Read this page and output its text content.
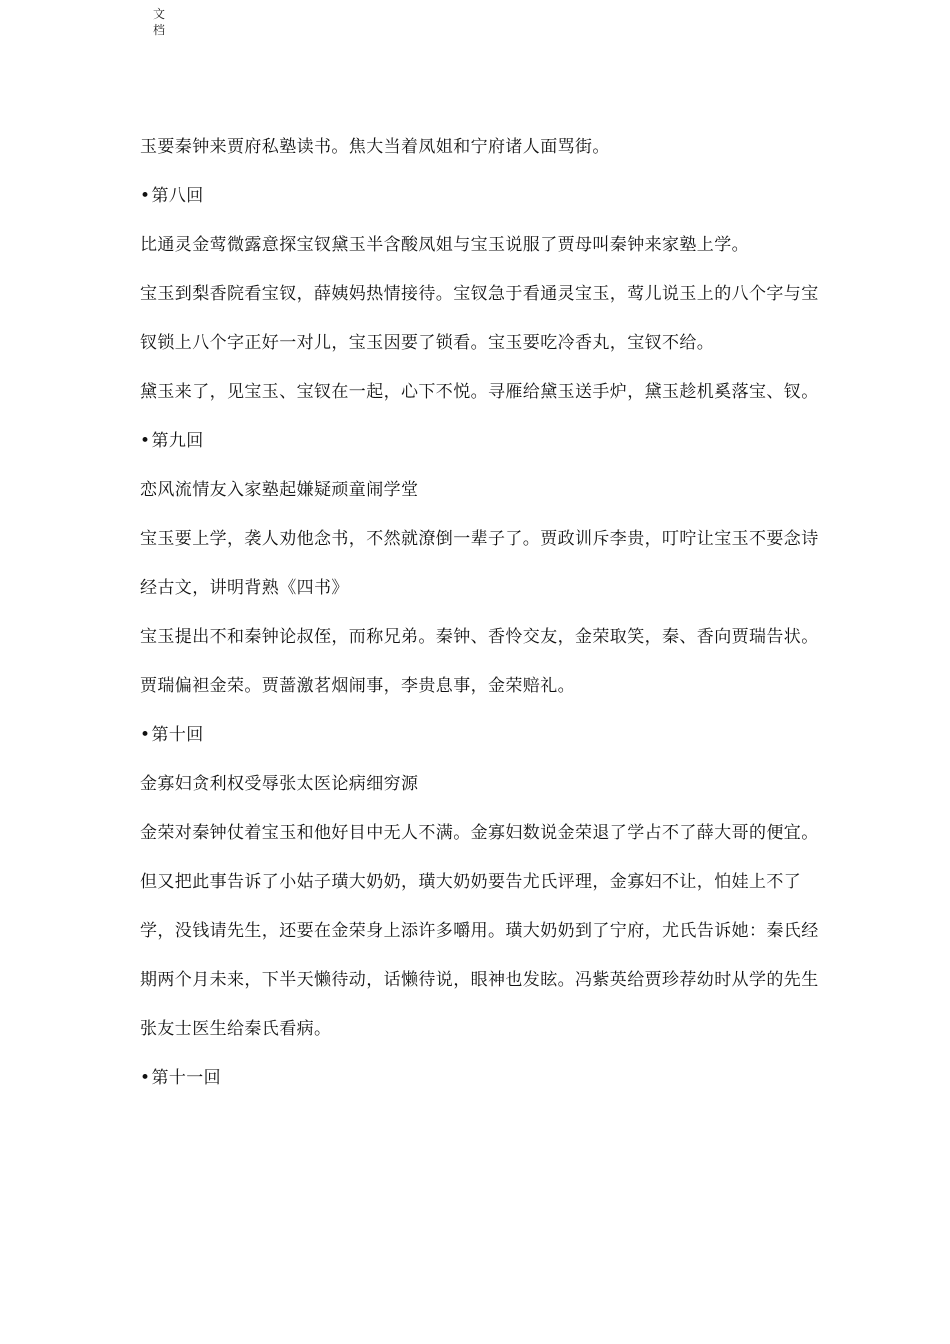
文
档

玉要秦钟来贾府私塾读书。焦大当着凤姐和宁府诸人面骂街。

• 第八回

比通灵金莺微露意探宝钗黛玉半含酸凤姐与宝玉说服了贾母叫秦钟来家塾上学。

宝玉到梨香院看宝钗，薛姨妈热情接待。宝钗急于看通灵宝玉，莺儿说玉上的八个字与宝钗锁上八个字正好一对儿，宝玉因要了锁看。宝玉要吃冷香丸，宝钗不给。

黛玉来了，见宝玉、宝钗在一起，心下不悦。寻雁给黛玉送手炉，黛玉趁机奚落宝、钗。

• 第九回

恋风流情友入家塾起嫌疑顽童闹学堂

宝玉要上学，袭人劝他念书，不然就潦倒一辈子了。贾政训斥李贵，叮咛让宝玉不要念诗经古文，讲明背熟《四书》

宝玉提出不和秦钟论叔侄，而称兄弟。秦钟、香怜交友，金荣取笑，秦、香向贾瑞告状。贾瑞偏袒金荣。贾蔷激茗烟闹事，李贵息事，金荣赔礼。

• 第十回

金寡妇贪利权受辱张太医论病细穷源

金荣对秦钟仗着宝玉和他好目中无人不满。金寡妇数说金荣退了学占不了薛大哥的便宜。但又把此事告诉了小姑子璜大奶奶，璜大奶奶要告尤氏评理，金寡妇不让，怕娃上不了学，没钱请先生，还要在金荣身上添许多嚼用。璜大奶奶到了宁府，尤氏告诉她：秦氏经期两个月未来，下半天懒待动，话懒待说，眼神也发眩。冯紫英给贾珍荐幼时从学的先生张友士医生给秦氏看病。

• 第十一回
